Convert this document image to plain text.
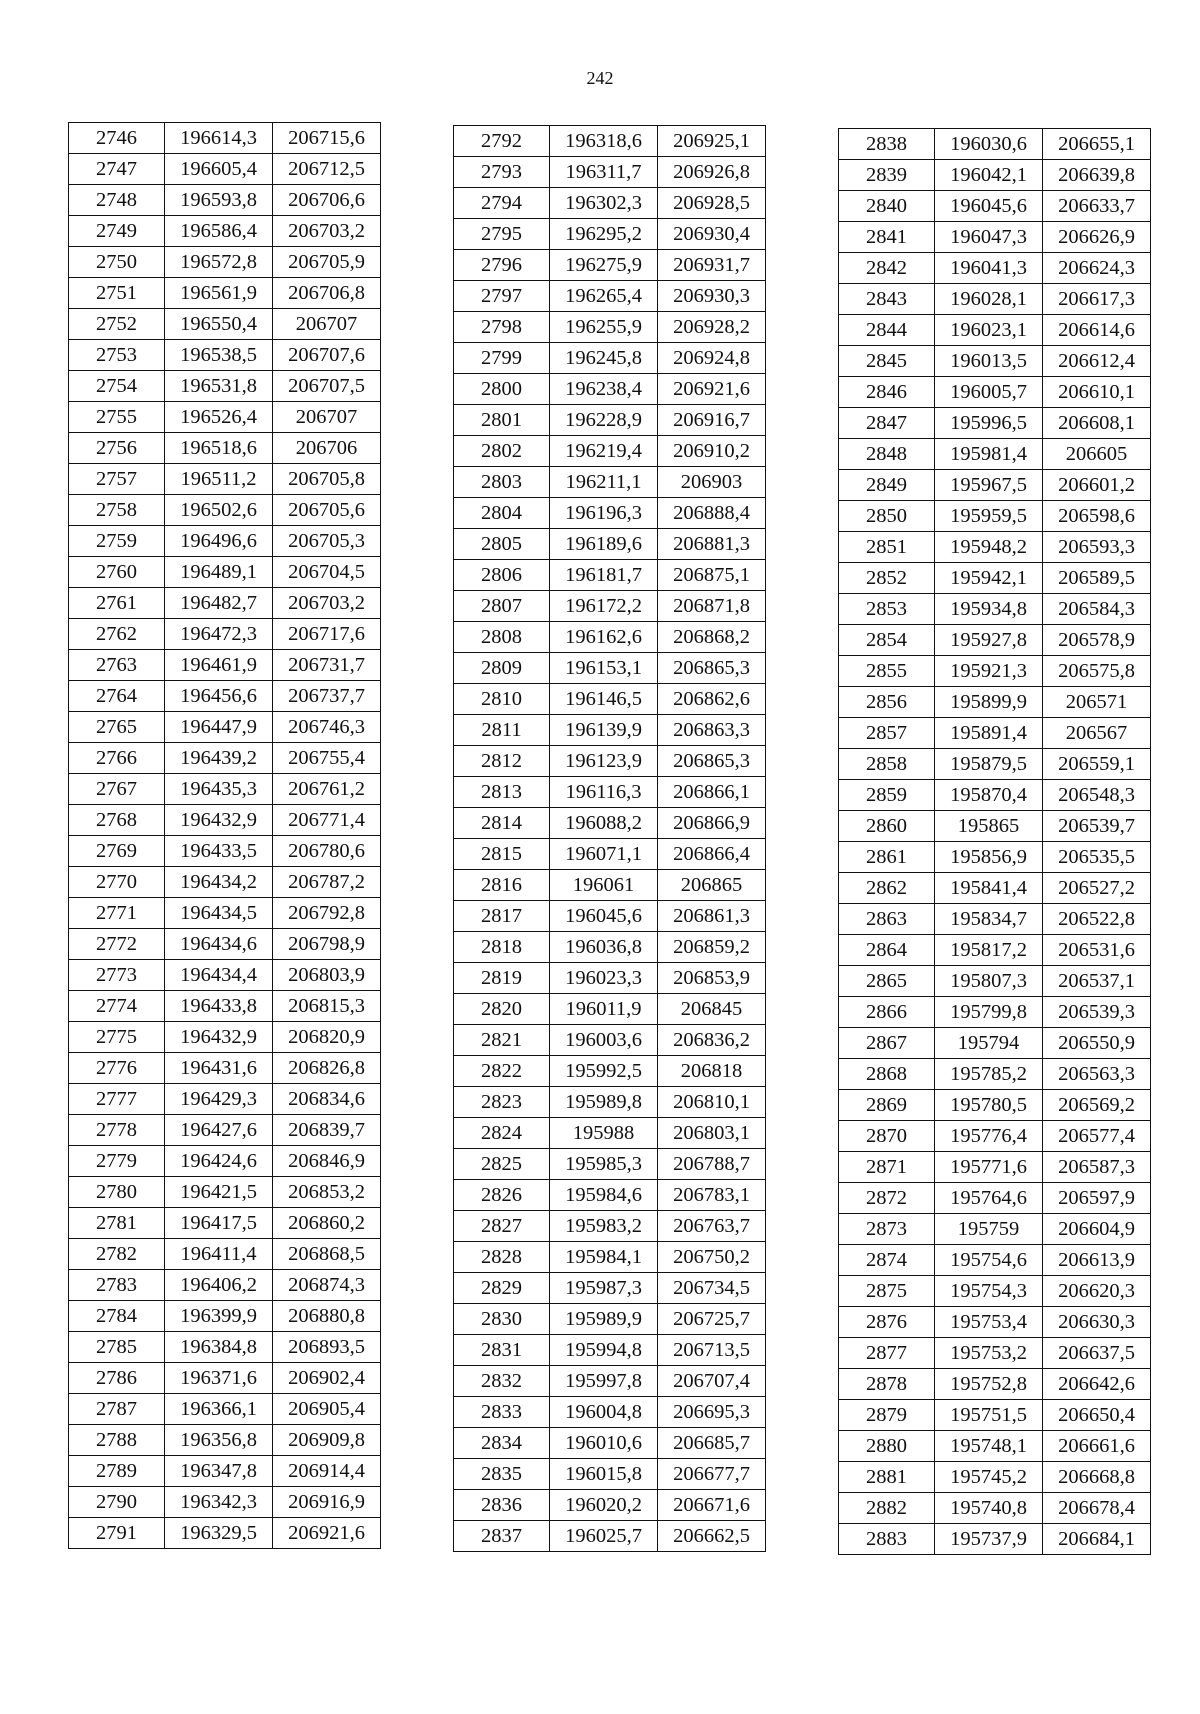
242
2746	196614,3	206715,6
2747	196605,4	206712,5
2748	196593,8	206706,6
2749	196586,4	206703,2
2750	196572,8	206705,9
2751	196561,9	206706,8
2752	196550,4	206707
2753	196538,5	206707,6
2754	196531,8	206707,5
2755	196526,4	206707
2756	196518,6	206706
2757	196511,2	206705,8
2758	196502,6	206705,6
2759	196496,6	206705,3
2760	196489,1	206704,5
2761	196482,7	206703,2
2762	196472,3	206717,6
2763	196461,9	206731,7
2764	196456,6	206737,7
2765	196447,9	206746,3
2766	196439,2	206755,4
2767	196435,3	206761,2
2768	196432,9	206771,4
2769	196433,5	206780,6
2770	196434,2	206787,2
2771	196434,5	206792,8
2772	196434,6	206798,9
2773	196434,4	206803,9
2774	196433,8	206815,3
2775	196432,9	206820,9
2776	196431,6	206826,8
2777	196429,3	206834,6
2778	196427,6	206839,7
2779	196424,6	206846,9
2780	196421,5	206853,2
2781	196417,5	206860,2
2782	196411,4	206868,5
2783	196406,2	206874,3
2784	196399,9	206880,8
2785	196384,8	206893,5
2786	196371,6	206902,4
2787	196366,1	206905,4
2788	196356,8	206909,8
2789	196347,8	206914,4
2790	196342,3	206916,9
2791	196329,5	206921,6
2792	196318,6	206925,1
2793	196311,7	206926,8
2794	196302,3	206928,5
2795	196295,2	206930,4
2796	196275,9	206931,7
2797	196265,4	206930,3
2798	196255,9	206928,2
2799	196245,8	206924,8
2800	196238,4	206921,6
2801	196228,9	206916,7
2802	196219,4	206910,2
2803	196211,1	206903
2804	196196,3	206888,4
2805	196189,6	206881,3
2806	196181,7	206875,1
2807	196172,2	206871,8
2808	196162,6	206868,2
2809	196153,1	206865,3
2810	196146,5	206862,6
2811	196139,9	206863,3
2812	196123,9	206865,3
2813	196116,3	206866,1
2814	196088,2	206866,9
2815	196071,1	206866,4
2816	196061	206865
2817	196045,6	206861,3
2818	196036,8	206859,2
2819	196023,3	206853,9
2820	196011,9	206845
2821	196003,6	206836,2
2822	195992,5	206818
2823	195989,8	206810,1
2824	195988	206803,1
2825	195985,3	206788,7
2826	195984,6	206783,1
2827	195983,2	206763,7
2828	195984,1	206750,2
2829	195987,3	206734,5
2830	195989,9	206725,7
2831	195994,8	206713,5
2832	195997,8	206707,4
2833	196004,8	206695,3
2834	196010,6	206685,7
2835	196015,8	206677,7
2836	196020,2	206671,6
2837	196025,7	206662,5
2838	196030,6	206655,1
2839	196042,1	206639,8
2840	196045,6	206633,7
2841	196047,3	206626,9
2842	196041,3	206624,3
2843	196028,1	206617,3
2844	196023,1	206614,6
2845	196013,5	206612,4
2846	196005,7	206610,1
2847	195996,5	206608,1
2848	195981,4	206605
2849	195967,5	206601,2
2850	195959,5	206598,6
2851	195948,2	206593,3
2852	195942,1	206589,5
2853	195934,8	206584,3
2854	195927,8	206578,9
2855	195921,3	206575,8
2856	195899,9	206571
2857	195891,4	206567
2858	195879,5	206559,1
2859	195870,4	206548,3
2860	195865	206539,7
2861	195856,9	206535,5
2862	195841,4	206527,2
2863	195834,7	206522,8
2864	195817,2	206531,6
2865	195807,3	206537,1
2866	195799,8	206539,3
2867	195794	206550,9
2868	195785,2	206563,3
2869	195780,5	206569,2
2870	195776,4	206577,4
2871	195771,6	206587,3
2872	195764,6	206597,9
2873	195759	206604,9
2874	195754,6	206613,9
2875	195754,3	206620,3
2876	195753,4	206630,3
2877	195753,2	206637,5
2878	195752,8	206642,6
2879	195751,5	206650,4
2880	195748,1	206661,6
2881	195745,2	206668,8
2882	195740,8	206678,4
2883	195737,9	206684,1
